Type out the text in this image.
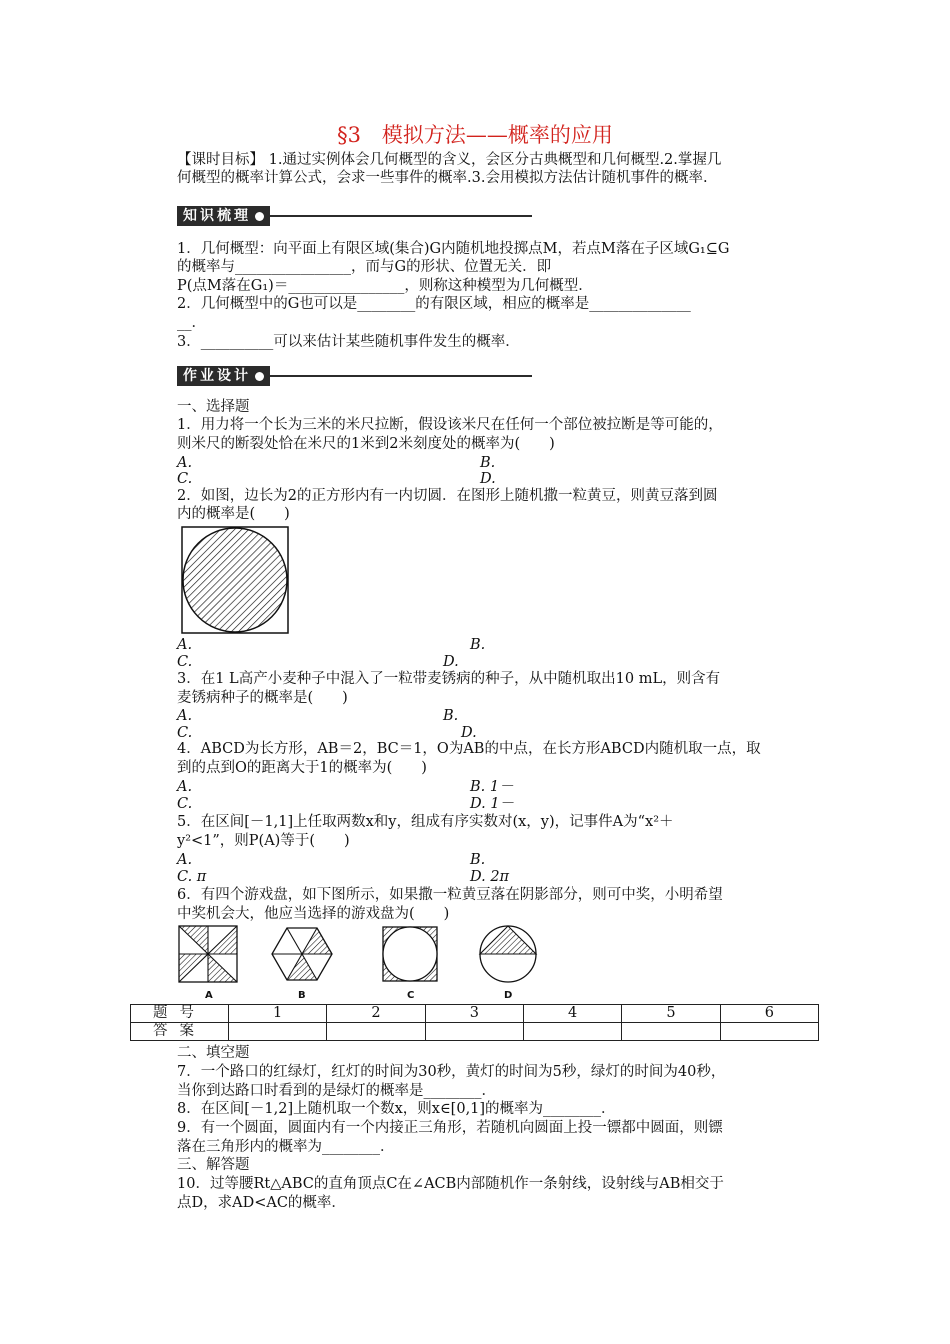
§3　模拟方法——概率的应用
【课时目标】 1.通过实例体会几何概型的含义，会区分古典概型和几何概型.2.掌握几
何概型的概率计算公式，会求一些事件的概率.3.会用模拟方法估计随机事件的概率.
知识梳理
1．几何概型：向平面上有限区域(集合)G内随机地投掷点M，若点M落在子区域G₁⊆G
的概率与________________，而与G的形状、位置无关．即
P(点M落在G₁)＝________________，则称这种模型为几何概型．
2．几何概型中的G也可以是________的有限区域，相应的概率是______________
__．
3．__________可以来估计某些随机事件发生的概率．
作业设计
一、选择题
1．用力将一个长为三米的米尺拉断，假设该米尺在任何一个部位被拉断是等可能的，
则米尺的断裂处恰在米尺的1米到2米刻度处的概率为(　　)
A.	B.
C.	D.
2．如图，边长为2的正方形内有一内切圆．在图形上随机撒一粒黄豆，则黄豆落到圆
内的概率是(　　)
A.	B.
C.	D.
3．在1 L高产小麦种子中混入了一粒带麦锈病的种子，从中随机取出10 mL，则含有
麦锈病种子的概率是(　　)
A.	B.
C.	D.
4．ABCD为长方形，AB＝2，BC＝1，O为AB的中点，在长方形ABCD内随机取一点，取
到的点到O的距离大于1的概率为(　　)
A.	B. 1－
C.	D. 1－
5．在区间[－1,1]上任取两数x和y，组成有序实数对(x，y)，记事件A为“x²＋
y²<1”，则P(A)等于(　　)
A.	B.
C. π	D. 2π
6．有四个游戏盘，如下图所示，如果撒一粒黄豆落在阴影部分，则可中奖，小明希望
中奖机会大，他应当选择的游戏盘为(　　)
A	B	C	D
题号	1	2	3	4	5	6
答案						
二、填空题
7．一个路口的红绿灯，红灯的时间为30秒，黄灯的时间为5秒，绿灯的时间为40秒，
当你到达路口时看到的是绿灯的概率是________．
8．在区间[－1,2]上随机取一个数x，则x∈[0,1]的概率为________．
9．有一个圆面，圆面内有一个内接正三角形，若随机向圆面上投一镖都中圆面，则镖
落在三角形内的概率为________．
三、解答题
10．过等腰Rt△ABC的直角顶点C在∠ACB内部随机作一条射线，设射线与AB相交于
点D，求AD<AC的概率．
